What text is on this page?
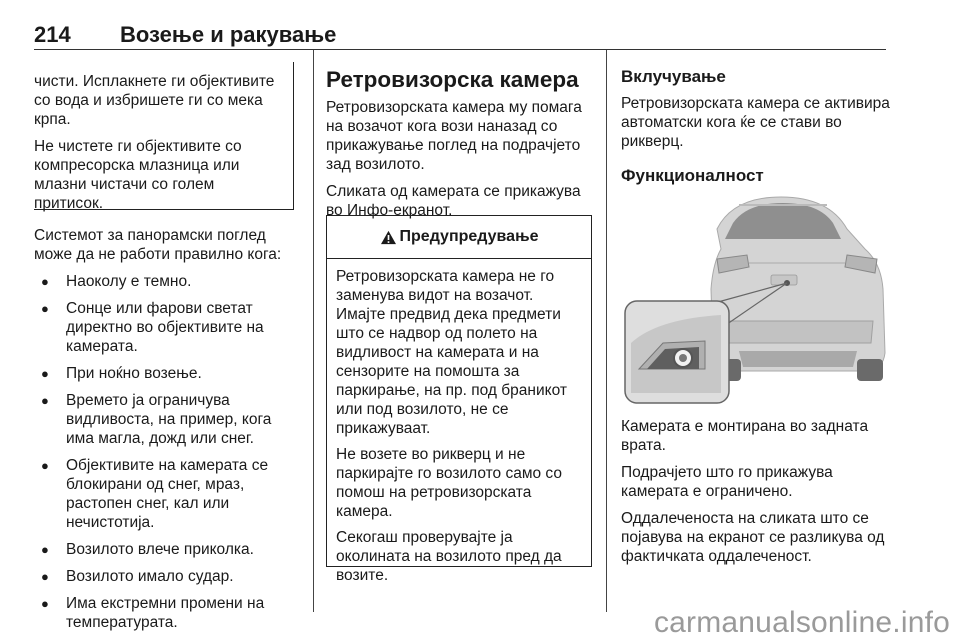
214 Возење и ракување

чисти. Исплакнете ги објективите со вода и избришете ги со мека крпа.

Не чистете ги објективите со компресорска млазница или млазни чистачи со голем притисок.

Системот за панорамски поглед може да не работи правилно кога:

● Наоколу е темно.
● Сонце или фарови светат директно во објективите на камерата.
● При ноќно возење.
● Времето ја ограничува видливоста, на пример, кога има магла, дожд или снег.
● Објективите на камерата се блокирани од снег, мраз, растопен снег, кал или нечистотија.
● Возилото влече приколка.
● Возилото имало судар.
● Има екстремни промени на температурата.
Ретровизорска камера

Ретровизорската камера му помага на возачот кога вози наназад со прикажување поглед на подрачјето зад возилото.

Сликата од камерата се прикажува во Инфо-екранот.

Предупредување

Ретровизорската камера не го заменува видот на возачот. Имајте предвид дека предмети што се надвор од полето на видливост на камерата и на сензорите на помошта за паркирање, на пр. под браникот или под возилото, не се прикажуваат.

Не возете во рикверц и не паркирајте го возилото само со помош на ретровизорската камера.

Секогаш проверувајте ја околината на возилото пред да возите.

Вклучување

Ретровизорската камера се активира автоматски кога ќе се стави во рикверц.

Функционалност

Камерата е монтирана во задната врата.

Подрачјето што го прикажува камерата е ограничено.

Оддалеченоста на сликата што се појавува на екранот се разликува од фактичката оддалеченост.

carmanualsonline.info
